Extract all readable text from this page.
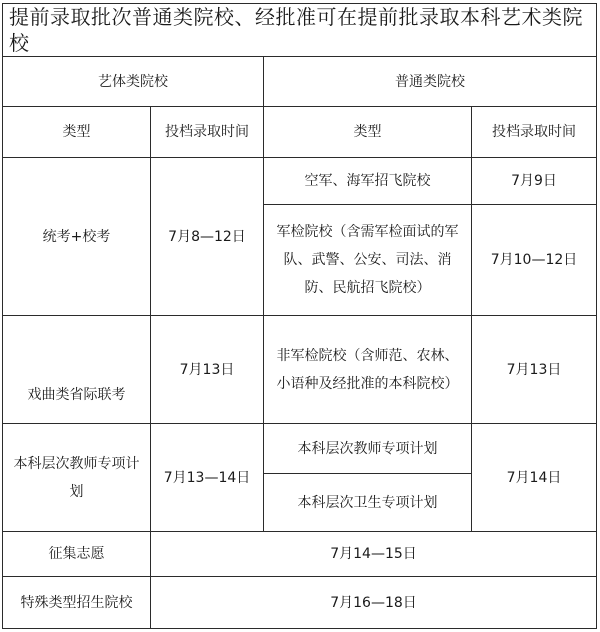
提前录取批次普通类院校、经批准可在提前批录取本科艺术类院校			
艺体类院校		普通类院校	
类型	投档录取时间	类型	投档录取时间
统考+校考	7月8—12日	空军、海军招飞院校	7月9日
		军检院校（含需军检面试的军队、武警、公安、司法、消防、民航招飞院校）	7月10—12日
戏曲类省际联考	7月13日	非军检院校（含师范、农林、小语种及经批准的本科院校）	7月13日
本科层次教师专项计划	7月13—14日	本科层次教师专项计划	7月14日
		本科层次卫生专项计划	
征集志愿	7月14—15日		
特殊类型招生院校	7月16—18日		
